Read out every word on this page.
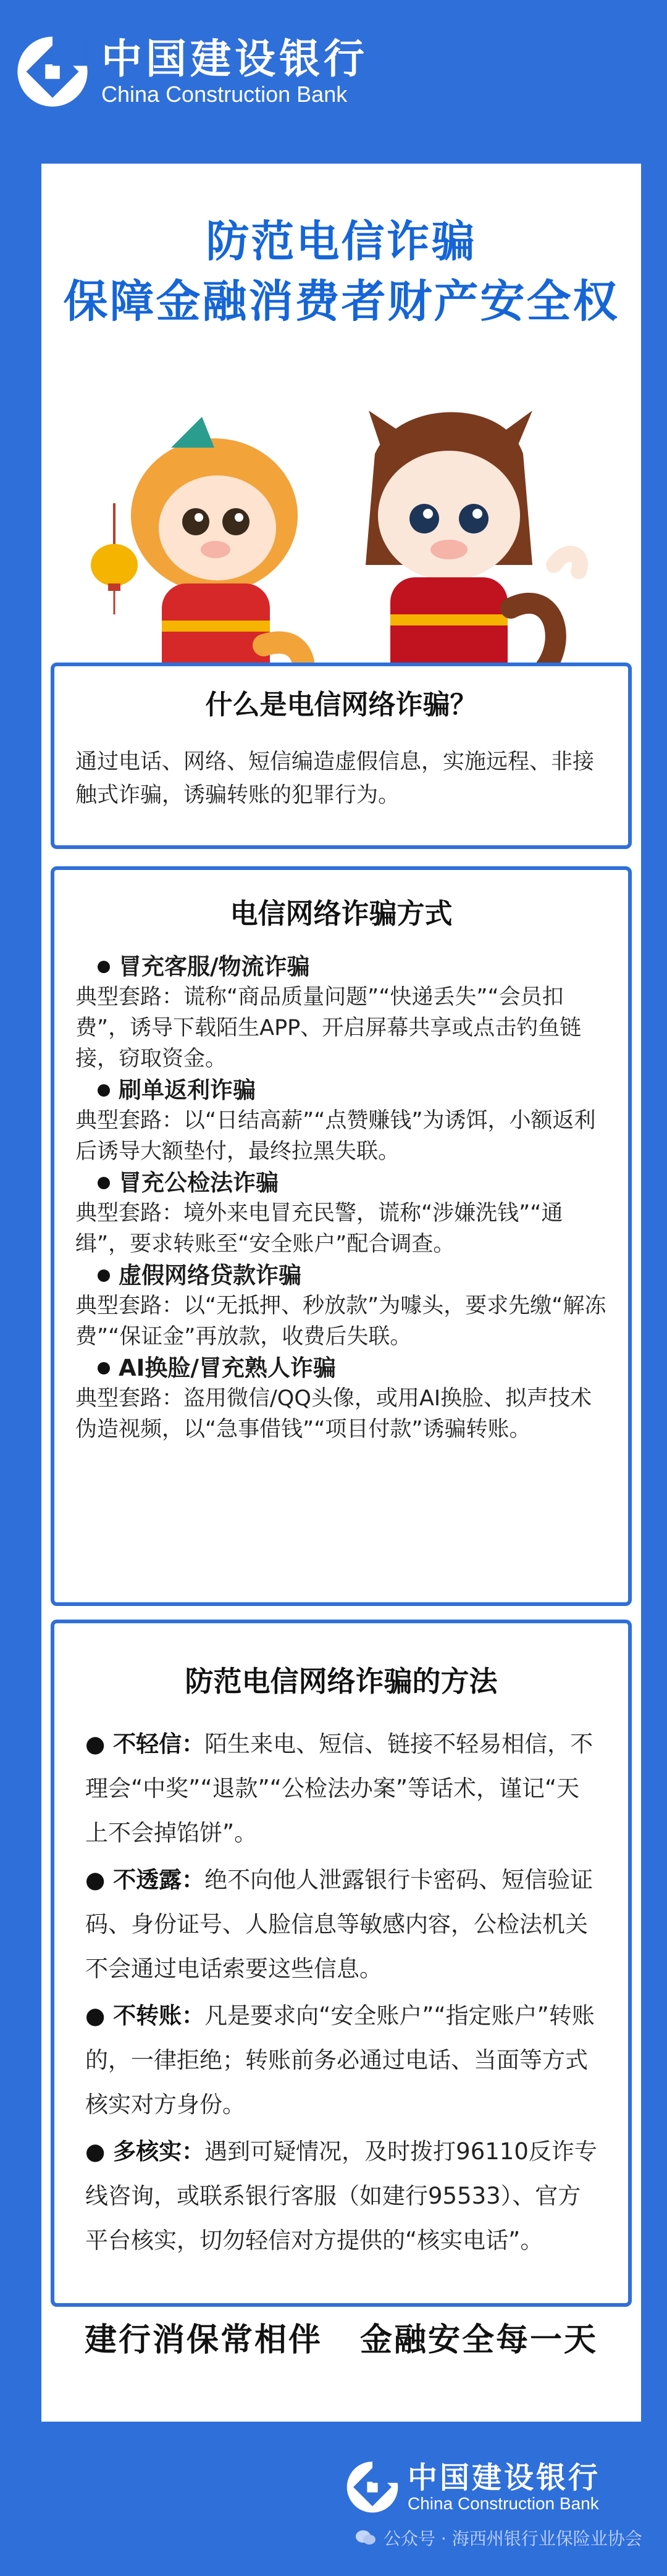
中国建设银行
China Construction Bank
防范电信诈骗
保障金融消费者财产安全权
什么是电信网络诈骗？
通过电话、网络、短信编造虚假信息，实施远程、非接触式诈骗，诱骗转账的犯罪行为。
电信网络诈骗方式
冒充客服/物流诈骗
典型套路：谎称“商品质量问题”“快递丢失”“会员扣费”，诱导下载陌生APP、开启屏幕共享或点击钓鱼链接，窃取资金。
刷单返利诈骗
典型套路：以“日结高薪”“点赞赚钱”为诱饵，小额返利后诱导大额垫付，最终拉黑失联。
冒充公检法诈骗
典型套路：境外来电冒充民警，谎称“涉嫌洗钱”“通缉”，要求转账至“安全账户”配合调查。
虚假网络贷款诈骗
典型套路：以“无抵押、秒放款”为噱头，要求先缴“解冻费”“保证金”再放款，收费后失联。
AI换脸/冒充熟人诈骗
典型套路：盗用微信/QQ头像，或用AI换脸、拟声技术伪造视频，以“急事借钱”“项目付款”诱骗转账。
防范电信网络诈骗的方法
● 不轻信：陌生来电、短信、链接不轻易相信，不理会“中奖”“退款”“公检法办案”等话术，谨记“天上不会掉馅饼”。
● 不透露：绝不向他人泄露银行卡密码、短信验证码、身份证号、人脸信息等敏感内容，公检法机关不会通过电话索要这些信息。
● 不转账：凡是要求向“安全账户”“指定账户”转账的，一律拒绝；转账前务必通过电话、当面等方式核实对方身份。
● 多核实：遇到可疑情况，及时拨打96110反诈专线咨询，或联系银行客服（如建行95533）、官方平台核实，切勿轻信对方提供的“核实电话”。
建行消保常相伴 金融安全每一天
中国建设银行
China Construction Bank
公众号 · 海西州银行业保险业协会
